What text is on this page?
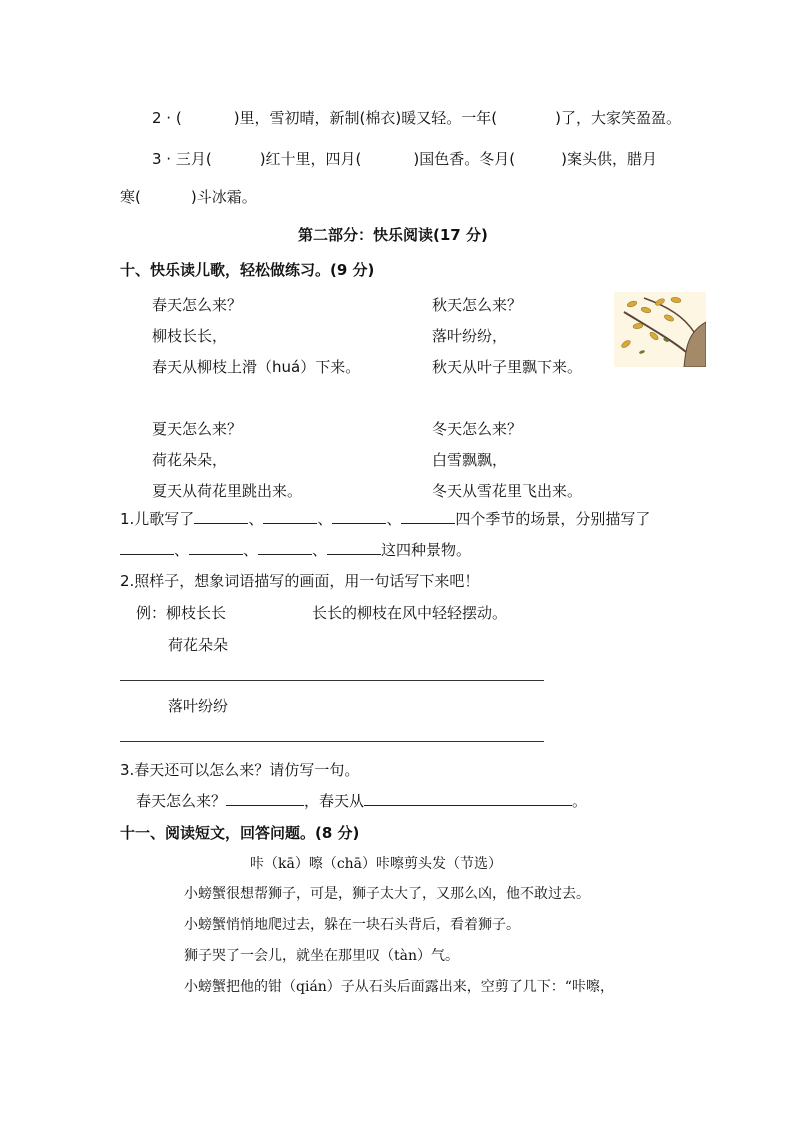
2 · (	)里，雪初晴，新制(棉衣)暖又轻。一年(	)了，大家笑盈盈。
3 · 三月(	)红十里，四月(	)国色香。冬月(	)案头供，腊月
寒(	)斗冰霜。
第二部分：快乐阅读(17 分)
十、快乐读儿歌，轻松做练习。(9 分)
春天怎么来？
柳枝长长，
春天从柳枝上滑（huá）下来。
秋天怎么来？
落叶纷纷，
秋天从叶子里飘下来。
夏天怎么来？
荷花朵朵，
夏天从荷花里跳出来。
冬天怎么来？
白雪飘飘，
冬天从雪花里飞出来。
1.儿歌写了	、	、	、	四个季节的场景，分别描写了
、	、	、	这四种景物。
2.照样子，想象词语描写的画面，用一句话写下来吧！
例：柳枝长长	长长的柳枝在风中轻轻摆动。
荷花朵朵
落叶纷纷
3.春天还可以怎么来？请仿写一句。
春天怎么来？	，春天从	。
十一、阅读短文，回答问题。(8 分)
咔（kā）嚓（chā）咔嚓剪头发（节选）
小螃蟹很想帮狮子，可是，狮子太大了，又那么凶，他不敢过去。
小螃蟹悄悄地爬过去，躲在一块石头背后，看着狮子。
狮子哭了一会儿，就坐在那里叹（tàn）气。
小螃蟹把他的钳（qián）子从石头后面露出来，空剪了几下：“咔嚓，
